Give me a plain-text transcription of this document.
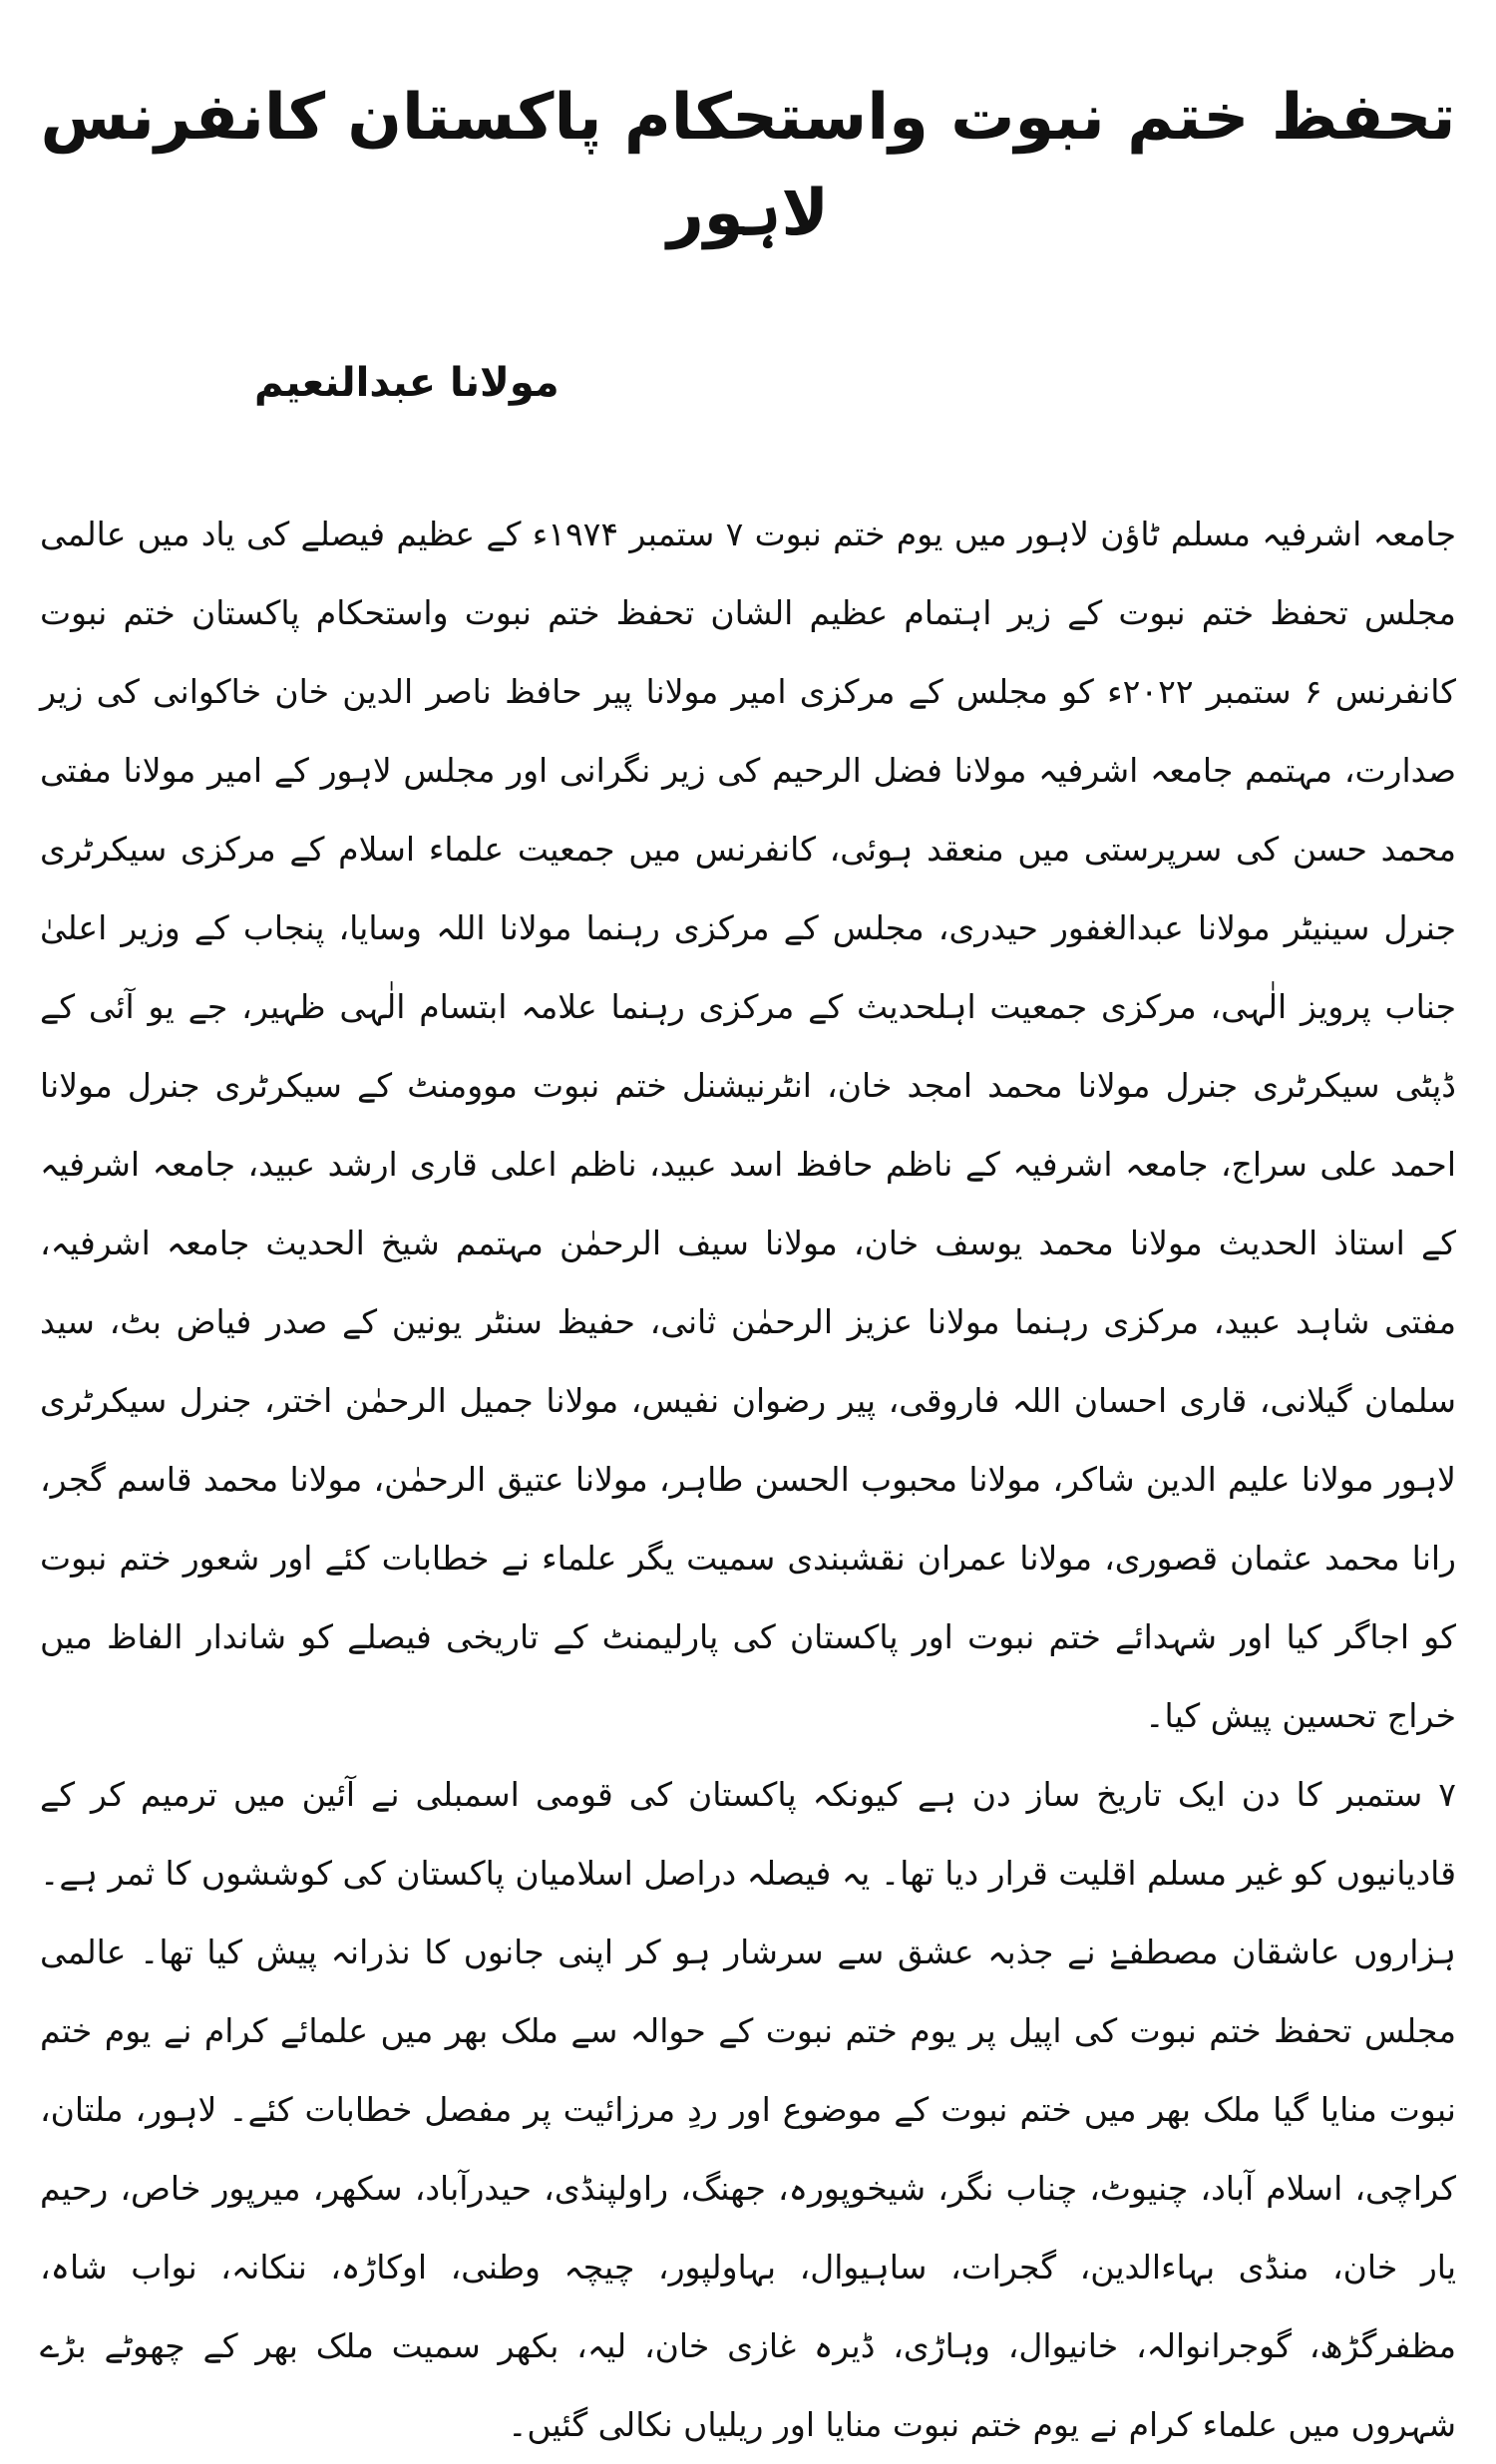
تحفظ ختم نبوت واستحکام پاکستان کانفرنس لاہور
مولانا عبدالنعیم

جامعہ اشرفیہ مسلم ٹاؤن لاہور میں یوم ختم نبوت ۷ ستمبر ۱۹۷۴ء کے عظیم فیصلے کی یاد میں عالمی مجلس تحفظ ختم نبوت کے زیر اہتمام عظیم الشان تحفظ ختم نبوت واستحکام پاکستان ختم نبوت کانفرنس ۶ ستمبر ۲۰۲۲ء کو مجلس کے مرکزی امیر مولانا پیر حافظ ناصر الدین خان خاکوانی کی زیر صدارت، مہتمم جامعہ اشرفیہ مولانا فضل الرحیم کی زیر نگرانی اور مجلس لاہور کے امیر مولانا مفتی محمد حسن کی سرپرستی میں منعقد ہوئی، کانفرنس میں جمعیت علماء اسلام کے مرکزی سیکرٹری جنرل سینیٹر مولانا عبدالغفور حیدری، مجلس کے مرکزی رہنما مولانا اللہ وسایا، پنجاب کے وزیر اعلیٰ جناب پرویز الٰہی، مرکزی جمعیت اہلحدیث کے مرکزی رہنما علامہ ابتسام الٰہی ظہیر، جے یو آئی کے ڈپٹی سیکرٹری جنرل مولانا محمد امجد خان، انٹرنیشنل ختم نبوت موومنٹ کے سیکرٹری جنرل مولانا احمد علی سراج، جامعہ اشرفیہ کے ناظم حافظ اسد عبید، ناظم اعلی قاری ارشد عبید، جامعہ اشرفیہ کے استاذ الحدیث مولانا محمد یوسف خان، مولانا سیف الرحمٰن مہتمم شیخ الحدیث جامعہ اشرفیہ، مفتی شاہد عبید، مرکزی رہنما مولانا عزیز الرحمٰن ثانی، حفیظ سنٹر یونین کے صدر فیاض بٹ، سید سلمان گیلانی، قاری احسان اللہ فاروقی، پیر رضوان نفیس، مولانا جمیل الرحمٰن اختر، جنرل سیکرٹری لاہور مولانا علیم الدین شاکر، مولانا محبوب الحسن طاہر، مولانا عتیق الرحمٰن، مولانا محمد قاسم گجر، رانا محمد عثمان قصوری، مولانا عمران نقشبندی سمیت یگر علماء نے خطابات کئے اور شعور ختم نبوت کو اجاگر کیا اور شہدائے ختم نبوت اور پاکستان کی پارلیمنٹ کے تاریخی فیصلے کو شاندار الفاظ میں خراج تحسین پیش کیا۔

۷ ستمبر کا دن ایک تاریخ ساز دن ہے کیونکہ پاکستان کی قومی اسمبلی نے آئین میں ترمیم کر کے قادیانیوں کو غیر مسلم اقلیت قرار دیا تھا۔ یہ فیصلہ دراصل اسلامیان پاکستان کی کوششوں کا ثمر ہے۔ ہزاروں عاشقان مصطفےٰ نے جذبہ عشق سے سرشار ہو کر اپنی جانوں کا نذرانہ پیش کیا تھا۔ عالمی مجلس تحفظ ختم نبوت کی اپیل پر یوم ختم نبوت کے حوالہ سے ملک بھر میں علمائے کرام نے یوم ختم نبوت منایا گیا ملک بھر میں ختم نبوت کے موضوع اور ردِ مرزائیت پر مفصل خطابات کئے۔ لاہور، ملتان، کراچی، اسلام آباد، چنیوٹ، چناب نگر، شیخوپورہ، جھنگ، راولپنڈی، حیدرآباد، سکھر، میرپور خاص، رحیم یار خان، منڈی بہاءالدین، گجرات، ساہیوال، بہاولپور، چیچہ وطنی، اوکاڑہ، ننکانہ، نواب شاہ، مظفرگڑھ، گوجرانوالہ، خانیوال، وہاڑی، ڈیرہ غازی خان، لیہ، بکھر سمیت ملک بھر کے چھوٹے بڑے شہروں میں علماء کرام نے یوم ختم نبوت منایا اور ریلیاں نکالی گئیں۔
